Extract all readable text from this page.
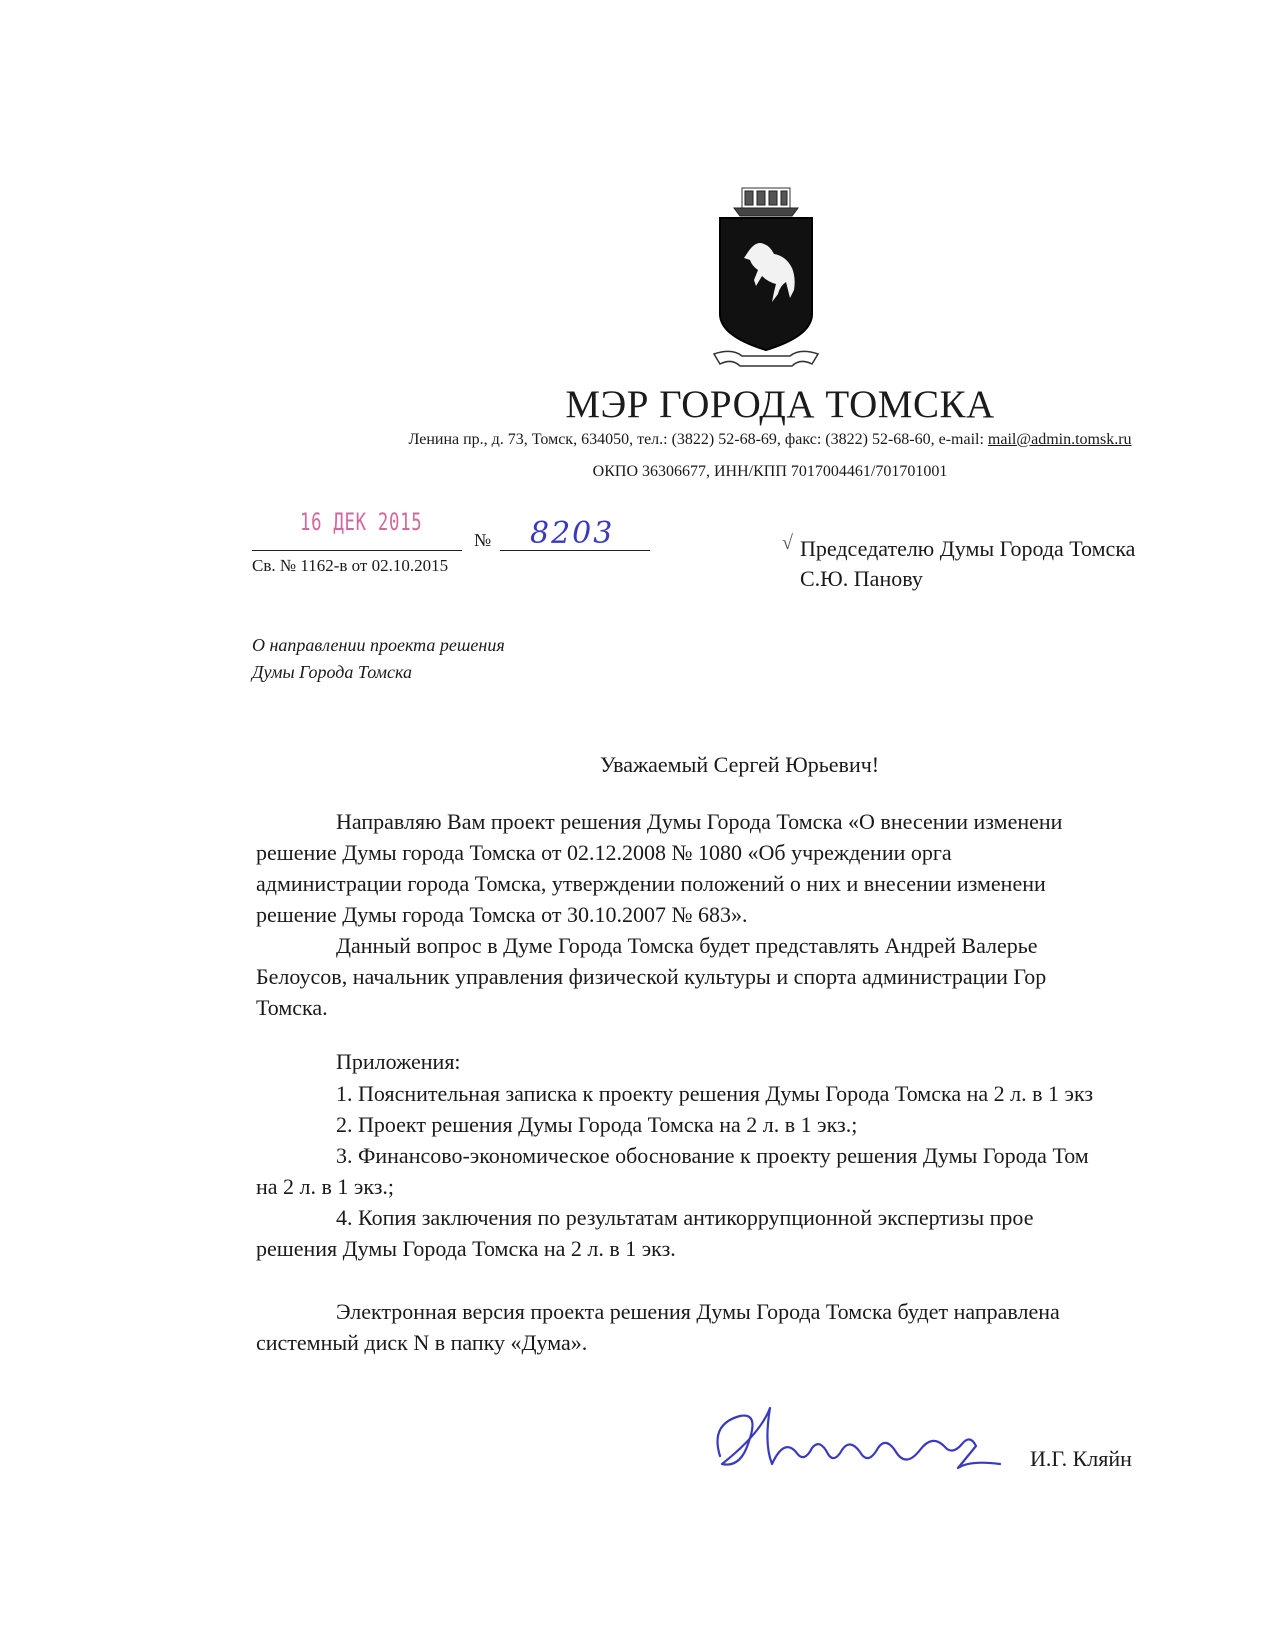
МЭР ГОРОДА ТОМСКА
Ленина пр., д. 73, Томск, 634050, тел.: (3822) 52-68-69, факс: (3822) 52-68-60, e-mail: mail@admin.tomsk.ru
ОКПО 36306677, ИНН/КПП 7017004461/701701001
16 ДЕК 2015
№ 8203
Св. № 1162-в от 02.10.2015
√ Председателю Думы Города Томска
С.Ю. Панову
О направлении проекта решения
Думы Города Томска
Уважаемый Сергей Юрьевич!
Направляю Вам проект решения Думы Города Томска «О внесении изменени
решение Думы города Томска от 02.12.2008 № 1080 «Об учреждении орга
администрации города Томска, утверждении положений о них и внесении изменени
решение Думы города Томска от 30.10.2007 № 683».
Данный вопрос в Думе Города Томска будет представлять Андрей Валерье
Белоусов, начальник управления физической культуры и спорта администрации Гор
Томска.
Приложения:
1. Пояснительная записка к проекту решения Думы Города Томска на 2 л. в 1 экз
2. Проект решения Думы Города Томска на 2 л. в 1 экз.;
3. Финансово-экономическое обоснование к проекту решения Думы Города Том
на 2 л. в 1 экз.;
4. Копия заключения по результатам антикоррупционной экспертизы прое
решения Думы Города Томска на 2 л. в 1 экз.
Электронная версия проекта решения Думы Города Томска будет направлена
системный диск N в папку «Дума».
И.Г. Кляйн
